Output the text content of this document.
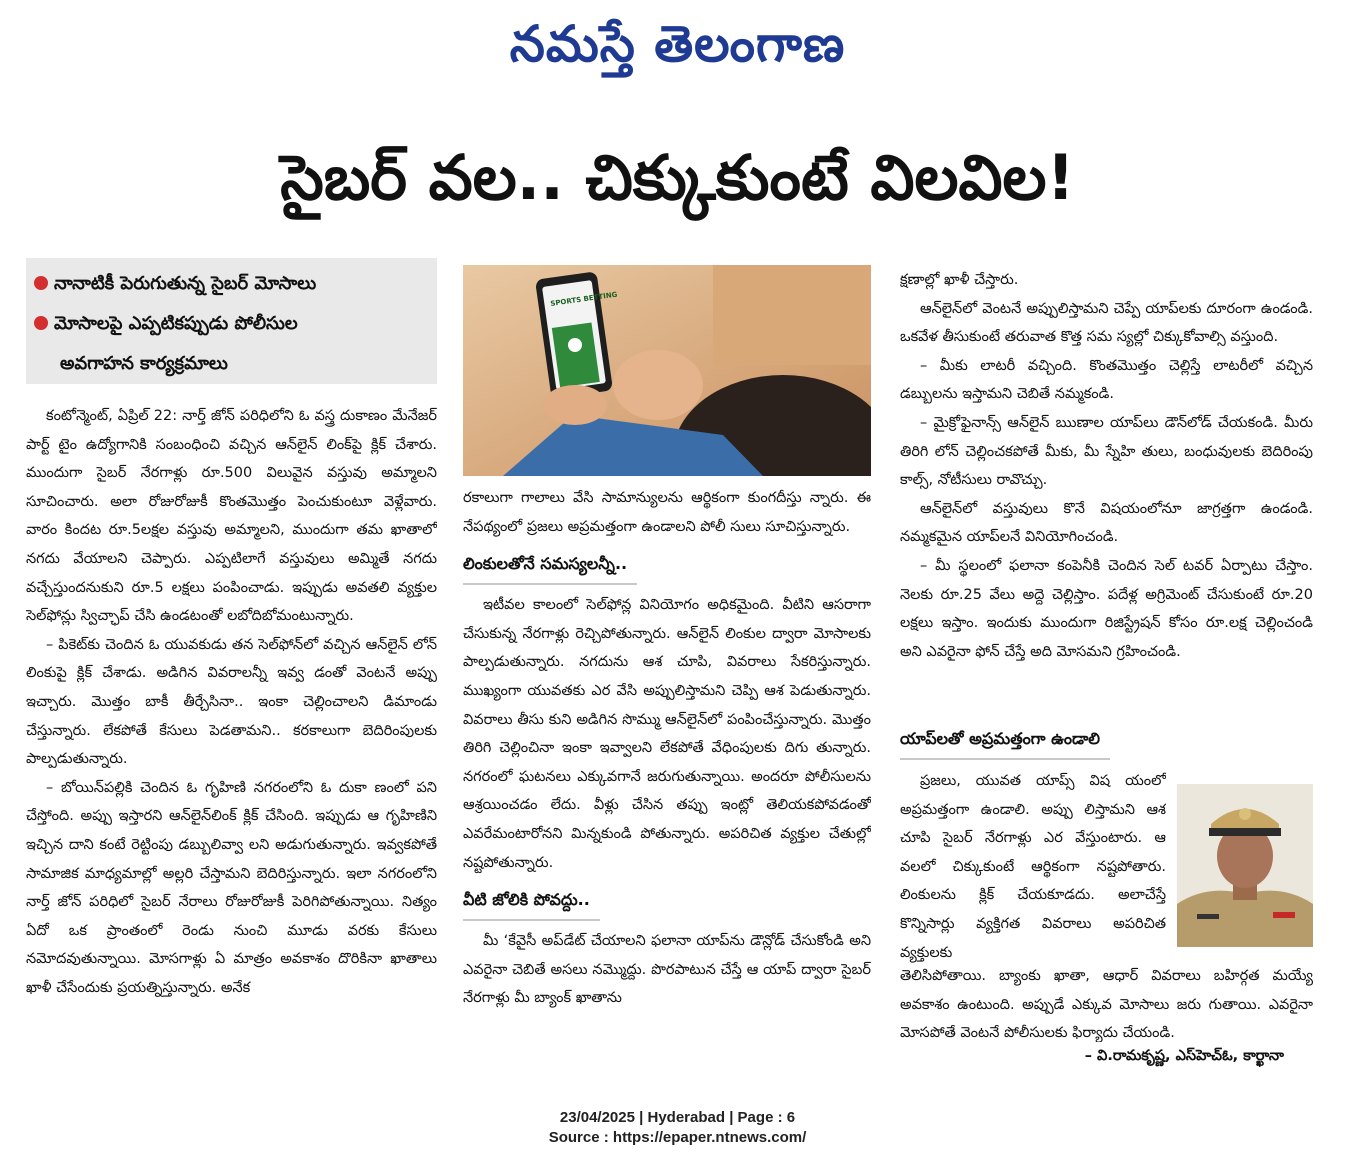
నమస్తే తెలంగాణ
సైబర్ వల.. చిక్కుకుంటే విలవిల!
నానాటికీ పెరుగుతున్న సైబర్ మోసాలు
మోసాలపై ఎప్పటికప్పుడు పోలీసుల
అవగాహన కార్యక్రమాలు

కంటోన్మెంట్, ఏప్రిల్ 22: నార్త్ జోన్ పరిధిలోని ఓ వస్త్ర దుకాణం మేనేజర్ పార్ట్ టైం ఉద్యోగానికి సంబంధించి వచ్చిన ఆన్‌లైన్ లింక్‌పై క్లిక్ చేశారు. ముందుగా సైబర్ నేరగాళ్లు రూ.500 విలువైన వస్తువు అమ్మాలని సూచించారు. అలా రోజురోజుకీ కొంతమొత్తం పెంచుకుంటూ వెళ్లేవారు. వారం కిందట రూ.5లక్షల వస్తువు అమ్మాలని, ముందుగా తమ ఖాతాలో నగదు వేయాలని చెప్పారు. ఎప్పటిలాగే వస్తువులు అమ్మితే నగదు వచ్చేస్తుందనుకుని రూ.5 లక్షలు పంపించాడు. ఇప్పుడు అవతలి వ్యక్తుల సెల్‌ఫోన్లు స్విచ్ఛాప్ చేసి ఉండటంతో లబోదిబోమంటున్నారు.

– పికెట్‌కు చెందిన ఓ యువకుడు తన సెల్‌ఫోన్‌లో వచ్చిన ఆన్‌లైన్ లోన్ లింకుపై క్లిక్ చేశాడు. అడిగిన వివరాలన్నీ ఇవ్వ డంతో వెంటనే అప్పు ఇచ్చారు. మొత్తం బాకీ తీర్చేసినా.. ఇంకా చెల్లించాలని డిమాండు చేస్తున్నారు. లేకపోతే కేసులు పెడతామని.. కరకాలుగా బెదిరింపులకు పాల్పడుతున్నారు.

– బోయిన్‌పల్లికి చెందిన ఓ గృహిణి నగరంలోని ఓ దుకా ణంలో పని చేస్తోంది. అప్పు ఇస్తారని ఆన్‌లైన్‌లింక్ క్లిక్ చేసింది. ఇప్పుడు ఆ గృహిణిని ఇచ్చిన దాని కంటే రెట్టింపు డబ్బులివ్వా లని అడుగుతున్నారు. ఇవ్వకపోతే సామాజిక మాధ్యమాల్లో అల్లరి చేస్తామని బెదిరిస్తున్నారు. ఇలా నగరంలోని నార్త్ జోన్ పరిధిలో సైబర్ నేరాలు రోజురోజుకీ పెరిగిపోతున్నాయి. నిత్యం ఏదో ఒక ప్రాంతంలో రెండు నుంచి మూడు వరకు కేసులు నమోదవుతున్నాయి. మోసగాళ్లు ఏ మాత్రం అవకాశం దొరికినా ఖాతాలు ఖాళీ చేసేందుకు ప్రయత్నిస్తున్నారు. అనేక

SPORTS BETTING

రకాలుగా గాలాలు వేసి సామాన్యులను ఆర్థికంగా కుంగదీస్తు న్నారు. ఈ నేపథ్యంలో ప్రజలు అప్రమత్తంగా ఉండాలని పోలీ సులు సూచిస్తున్నారు.

లింకులతోనే సమస్యలన్నీ..

ఇటీవల కాలంలో సెల్‌ఫోన్ల వినియోగం అధికమైంది. వీటిని ఆసరాగా చేసుకున్న నేరగాళ్లు రెచ్చిపోతున్నారు. ఆన్‌లైన్ లింకుల ద్వారా మోసాలకు పాల్పడుతున్నారు. నగదును ఆశ చూపి, వివరాలు సేకరిస్తున్నారు. ముఖ్యంగా యువతకు ఎర వేసి అప్పులిస్తామని చెప్పి ఆశ పెడుతున్నారు. వివరాలు తీసు కుని అడిగిన సొమ్ము ఆన్‌లైన్‌లో పంపించేస్తున్నారు. మొత్తం తిరిగి చెల్లించినా ఇంకా ఇవ్వాలని లేకపోతే వేధింపులకు దిగు తున్నారు. నగరంలో ఘటనలు ఎక్కువగానే జరుగుతున్నాయి. అందరూ పోలీసులను ఆశ్రయించడం లేదు. వీళ్లు చేసిన తప్పు ఇంట్లో తెలియకపోవడంతో ఎవరేమంటారోనని మిన్నకుండి పోతున్నారు. అపరిచిత వ్యక్తుల చేతుల్లో నష్టపోతున్నారు.

వీటి జోలికి పోవద్దు..

మీ ‘కేవైసీ అప్‌డేట్ చేయాలని ఫలానా యాప్‌ను డౌన్లోడ్ చేసుకోండి అని ఎవరైనా చెబితే అసలు నమ్మొద్దు. పొరపాటున చేస్తే ఆ యాప్ ద్వారా సైబర్ నేరగాళ్లు మీ బ్యాంక్ ఖాతాను

క్షణాల్లో ఖాళీ చేస్తారు.

ఆన్‌లైన్‌లో వెంటనే అప్పులిస్తామని చెప్పే యాప్‌లకు దూరంగా ఉండండి. ఒకవేళ తీసుకుంటే తరువాత కొత్త సమ స్యల్లో చిక్కుకోవాల్సి వస్తుంది.

– మీకు లాటరీ వచ్చింది. కొంతమొత్తం చెల్లిస్తే లాటరీలో వచ్చిన డబ్బులను ఇస్తామని చెబితే నమ్మకండి.

– మైక్రోఫైనాన్స్ ఆన్‌లైన్ ఋణాల యాప్‌లు డౌన్‌లోడ్ చేయకండి. మీరు తిరిగి లోన్ చెల్లించకపోతే మీకు, మీ స్నేహి తులు, బంధువులకు బెదిరింపు కాల్స్, నోటీసులు రావొచ్చు.

ఆన్‌లైన్‌లో వస్తువులు కొనే విషయంలోనూ జాగ్రత్తగా ఉండండి. నమ్మకమైన యాప్‌లనే వినియోగించండి.

– మీ స్థలంలో ఫలానా కంపెనీకి చెందిన సెల్ టవర్ ఏర్పాటు చేస్తాం. నెలకు రూ.25 వేలు అద్దె చెల్లిస్తాం. పదేళ్ల అగ్రిమెంట్ చేసుకుంటే రూ.20 లక్షలు ఇస్తాం. ఇందుకు ముందుగా రిజిస్ట్రేషన్ కోసం రూ.లక్ష చెల్లించండి అని ఎవరైనా ఫోన్ చేస్తే అది మోసమని గ్రహించండి.

యాప్‌లతో అప్రమత్తంగా ఉండాలి

ప్రజలు, యువత యాప్స్ విష యంలో అప్రమత్తంగా ఉండాలి. అప్పు లిస్తామని ఆశ చూపి సైబర్ నేరగాళ్లు ఎర వేస్తుంటారు. ఆ వలలో చిక్కుకుంటే ఆర్థికంగా నష్టపోతారు. లింకులను క్లిక్ చేయకూడదు. అలాచేస్తే కొన్నిసార్లు వ్యక్తిగత వివరాలు అపరిచిత వ్యక్తులకు

తెలిసిపోతాయి. బ్యాంకు ఖాతా, ఆధార్ వివరాలు బహిర్గత మయ్యే అవకాశం ఉంటుంది. అప్పుడే ఎక్కువ మోసాలు జరు గుతాయి. ఎవరైనా మోసపోతే వెంటనే పోలీసులకు ఫిర్యాదు చేయండి.

– వి.రామకృష్ణ, ఎస్‌హెచ్‌ఓ, కార్ఖానా
23/04/2025 | Hyderabad | Page : 6
Source : https://epaper.ntnews.com/
